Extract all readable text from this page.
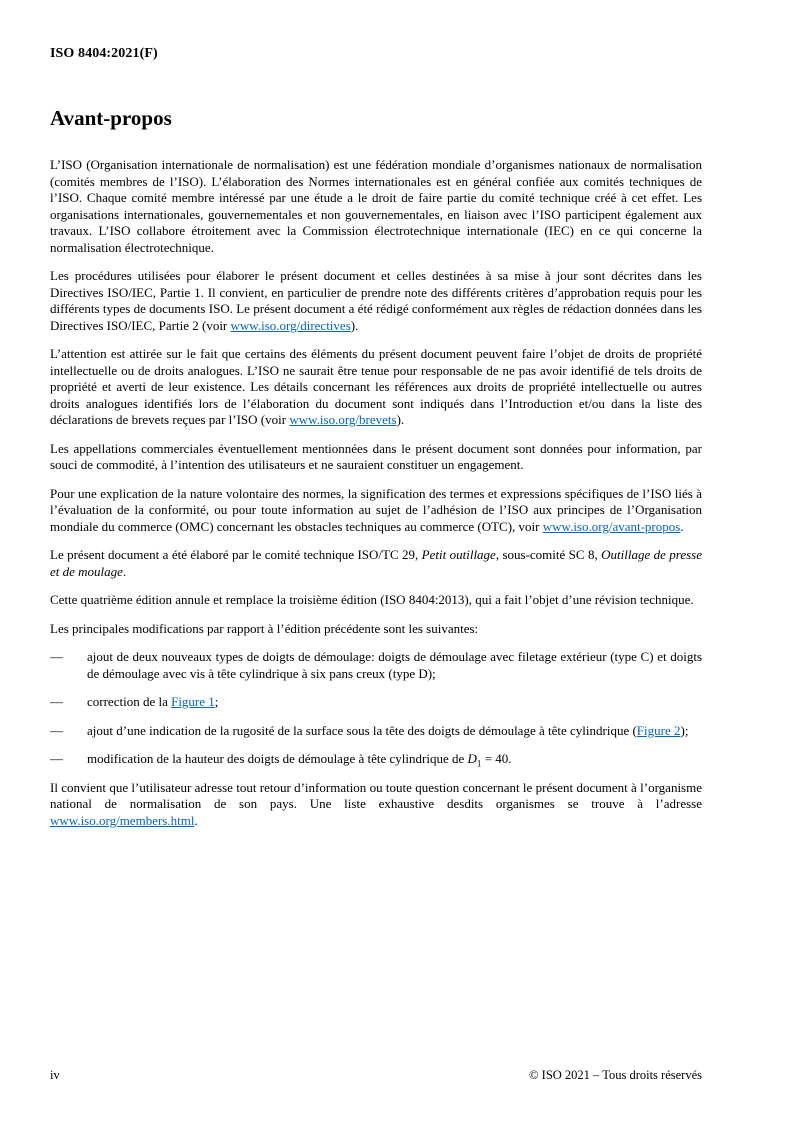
ISO 8404:2021(F)
Avant-propos

L’ISO (Organisation internationale de normalisation) est une fédération mondiale d’organismes nationaux de normalisation (comités membres de l’ISO). L’élaboration des Normes internationales est en général confiée aux comités techniques de l’ISO. Chaque comité membre intéressé par une étude a le droit de faire partie du comité technique créé à cet effet. Les organisations internationales, gouvernementales et non gouvernementales, en liaison avec l’ISO participent également aux travaux. L’ISO collabore étroitement avec la Commission électrotechnique internationale (IEC) en ce qui concerne la normalisation électrotechnique.

Les procédures utilisées pour élaborer le présent document et celles destinées à sa mise à jour sont décrites dans les Directives ISO/IEC, Partie 1. Il convient, en particulier de prendre note des différents critères d’approbation requis pour les différents types de documents ISO. Le présent document a été rédigé conformément aux règles de rédaction données dans les Directives ISO/IEC, Partie 2 (voir www.iso.org/directives).

L’attention est attirée sur le fait que certains des éléments du présent document peuvent faire l’objet de droits de propriété intellectuelle ou de droits analogues. L’ISO ne saurait être tenue pour responsable de ne pas avoir identifié de tels droits de propriété et averti de leur existence. Les détails concernant les références aux droits de propriété intellectuelle ou autres droits analogues identifiés lors de l’élaboration du document sont indiqués dans l’Introduction et/ou dans la liste des déclarations de brevets reçues par l’ISO (voir www.iso.org/brevets).

Les appellations commerciales éventuellement mentionnées dans le présent document sont données pour information, par souci de commodité, à l’intention des utilisateurs et ne sauraient constituer un engagement.

Pour une explication de la nature volontaire des normes, la signification des termes et expressions spécifiques de l’ISO liés à l’évaluation de la conformité, ou pour toute information au sujet de l’adhésion de l’ISO aux principes de l’Organisation mondiale du commerce (OMC) concernant les obstacles techniques au commerce (OTC), voir www.iso.org/avant-propos.

Le présent document a été élaboré par le comité technique ISO/TC 29, Petit outillage, sous-comité SC 8, Outillage de presse et de moulage.

Cette quatrième édition annule et remplace la troisième édition (ISO 8404:2013), qui a fait l’objet d’une révision technique.

Les principales modifications par rapport à l’édition précédente sont les suivantes:

—	ajout de deux nouveaux types de doigts de démoulage: doigts de démoulage avec filetage extérieur (type C) et doigts de démoulage avec vis à tête cylindrique à six pans creux (type D);
—	correction de la Figure 1;
—	ajout d’une indication de la rugosité de la surface sous la tête des doigts de démoulage à tête cylindrique (Figure 2);
—	modification de la hauteur des doigts de démoulage à tête cylindrique de $D_1 = 40$.

Il convient que l’utilisateur adresse tout retour d’information ou toute question concernant le présent document à l’organisme national de normalisation de son pays. Une liste exhaustive desdits organismes se trouve à l’adresse www.iso.org/members.html.

iv	© ISO 2021 – Tous droits réservés
